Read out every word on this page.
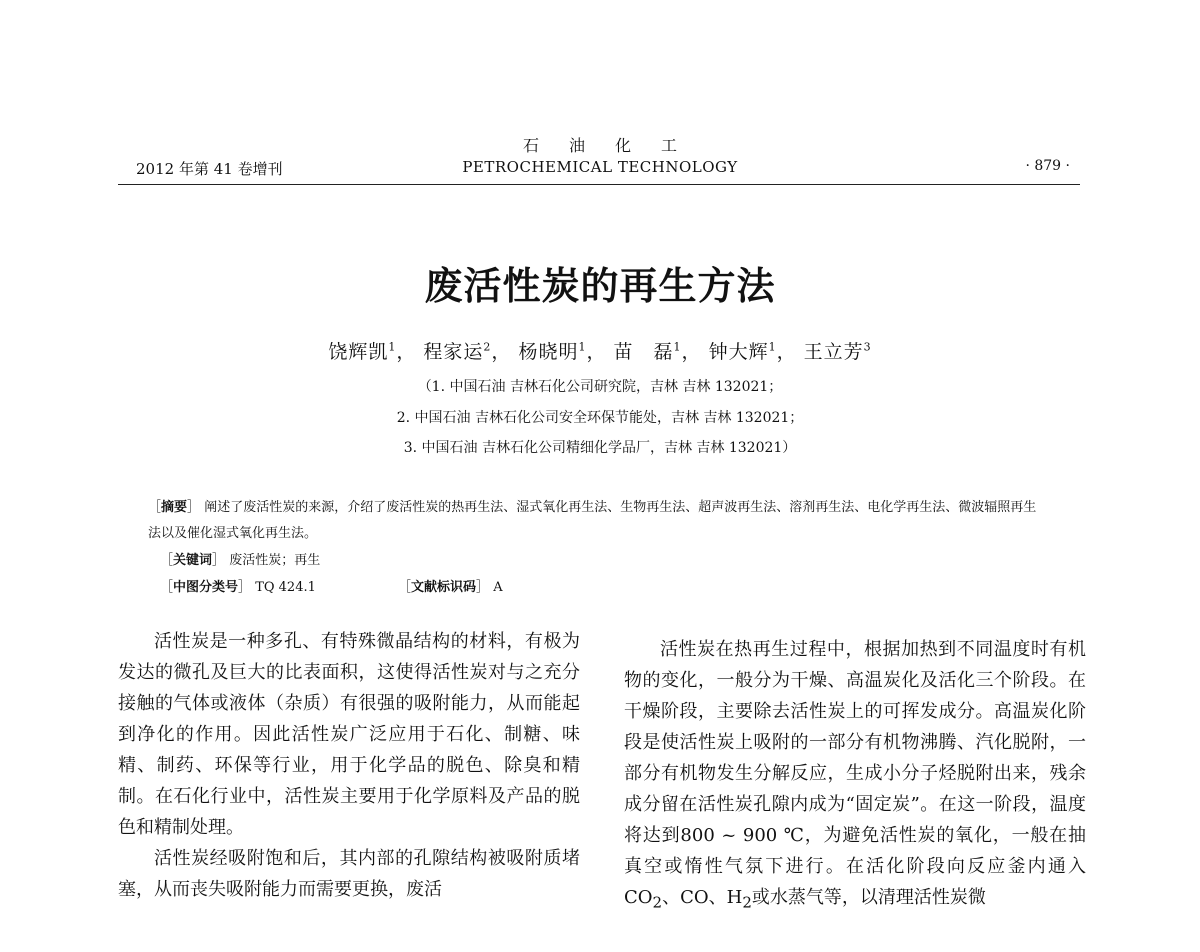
石油化工
2012 年第 41 卷增刊	PETROCHEMICAL TECHNOLOGY	· 879 ·
废活性炭的再生方法
饶辉凯$^1$， 程家运$^2$， 杨晓明$^1$， 苗　磊$^1$， 钟大辉$^1$， 王立芳$^3$
（1. 中国石油 吉林石化公司研究院，吉林 吉林 132021；
2. 中国石油 吉林石化公司安全环保节能处，吉林 吉林 132021；
3. 中国石油 吉林石化公司精细化学品厂，吉林 吉林 132021）
［摘要］ 阐述了废活性炭的来源，介绍了废活性炭的热再生法、湿式氧化再生法、生物再生法、超声波再生法、溶剂再生法、电化学再生法、微波辐照再生法以及催化湿式氧化再生法。
［关键词］ 废活性炭；再生
［中图分类号］ TQ 424.1	［文献标识码］ A

活性炭是一种多孔、有特殊微晶结构的材料，有极为发达的微孔及巨大的比表面积，这使得活性炭对与之充分接触的气体或液体（杂质）有很强的吸附能力，从而能起到净化的作用。因此活性炭广泛应用于石化、制糖、味精、制药、环保等行业，用于化学品的脱色、除臭和精制。在石化行业中，活性炭主要用于化学原料及产品的脱色和精制处理。

活性炭经吸附饱和后，其内部的孔隙结构被吸附质堵塞，从而丧失吸附能力而需要更换，废活

活性炭在热再生过程中，根据加热到不同温度时有机物的变化，一般分为干燥、高温炭化及活化三个阶段。在干燥阶段，主要除去活性炭上的可挥发成分。高温炭化阶段是使活性炭上吸附的一部分有机物沸腾、汽化脱附，一部分有机物发生分解反应，生成小分子烃脱附出来，残余成分留在活性炭孔隙内成为“固定炭”。在这一阶段，温度将达到800 ~ 900 ℃，为避免活性炭的氧化，一般在抽真空或惰性气氛下进行。在活化阶段向反应釜内通入$CO_2$、CO、$H_2$或水蒸气等，以清理活性炭微
